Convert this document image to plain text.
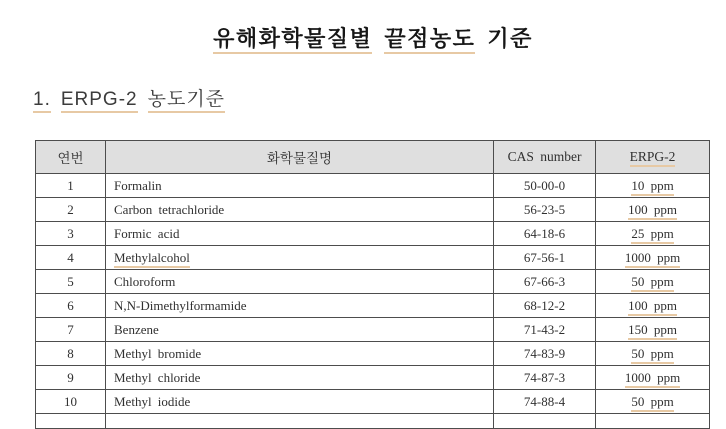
유해화학물질별 끝점농도 기준
1. ERPG-2 농도기준
연번	화학물질명	CAS number	ERPG-2
1	Formalin	50-00-0	10 ppm
2	Carbon tetrachloride	56-23-5	100 ppm
3	Formic acid	64-18-6	25 ppm
4	Methylalcohol	67-56-1	1000 ppm
5	Chloroform	67-66-3	50 ppm
6	N,N-Dimethylformamide	68-12-2	100 ppm
7	Benzene	71-43-2	150 ppm
8	Methyl bromide	74-83-9	50 ppm
9	Methyl chloride	74-87-3	1000 ppm
10	Methyl iodide	74-88-4	50 ppm
